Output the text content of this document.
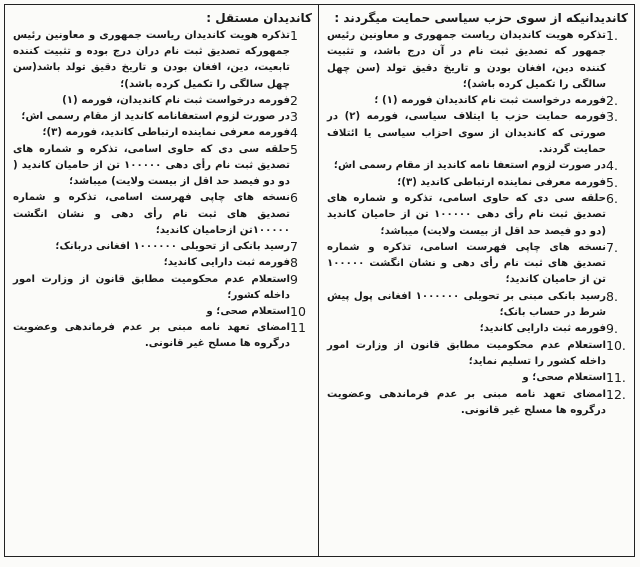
کاندیدان مستقل :
1
تذکره هویت کاندیدان ریاست جمهوری و معاونین رئیس جمهورکه تصدیق ثبت نام دران درج بوده و تثبیت کننده تابعیت، دین، افغان بودن و تاریخ دقیق تولد باشد(سن چهل سالگی را تکمیل کرده باشد)؛
2
فورمه درخواست ثبت نام کاندیدان، فورمه (۱)
3
در صورت لزوم استعفانامه کاندید از مقام رسمی اش؛
4
فورمه معرفی نماینده ارتباطی کاندید، فورمه (۳)؛
5
حلقه سی دی که حاوی اسامی، تذکره و شماره های تصدیق ثبت نام رأی دهی ۱۰۰۰۰۰ تن از حامیان کاندید ( دو دو فیصد حد اقل از بیست ولایت) میباشد؛
6
نسخه های چاپی فهرست اسامی، تذکره و شماره تصدیق های ثبت نام رأی دهی و نشان انگشت ۱۰۰۰۰۰تن ازحامیان کاندید؛
7
رسید بانکی از تحویلی ۱۰۰۰۰۰۰ افغانی دربانک؛
8
فورمه ثبت دارایی کاندید؛
9
استعلام عدم محکومیت مطابق قانون از وزارت امور داخله کشور؛
10
استعلام صحی؛ و
11
امضای تعهد نامه مبنی بر عدم فرماندهی وعضویت درگروه ها مسلح غیر قانونی.
کاندیدانیکه از سوی حزب سیاسی حمایت میگردند :
1.
تذکره هویت کاندیدان ریاست جمهوری و معاونین رئیس جمهور که تصدیق ثبت نام در آن درج باشد، و تثبیت کننده دین، افغان بودن و تاریخ دقیق تولد (سن چهل سالگی را تکمیل کرده باشد)؛
2.
فورمه درخواست ثبت نام کاندیدان فورمه (۱) ؛
3.
فورمه حمایت حزب یا ایتلاف سیاسی، فورمه (۲) در صورتی که کاندیدان از سوی احزاب سیاسی یا ائتلاف حمایت گردند.
4.
در صورت لزوم استعفا نامه کاندید از مقام رسمی اش؛
5.
فورمه معرفی نماینده ارتباطی کاندید (۳)؛
6.
حلقه سی دی که حاوی اسامی، تذکره و شماره های تصدیق ثبت نام رأی دهی ۱۰۰۰۰۰ تن از حامیان کاندید (دو دو فیصد حد اقل از بیست ولایت) میباشد؛
7.
نسخه های چاپی فهرست اسامی، تذکره و شماره تصدیق های ثبت نام رأی دهی و نشان انگشت ۱۰۰۰۰۰ تن از حامیان کاندید؛
8.
رسید بانکی مبنی بر تحویلی ۱۰۰۰۰۰۰ افغانی پول پیش شرط در حساب بانک؛
9.
فورمه ثبت دارایی کاندید؛
10.
استعلام عدم محکومیت مطابق قانون از وزارت امور داخله کشور را تسلیم نماید؛
11.
استعلام صحی؛ و
12.
امضای تعهد نامه مبنی بر عدم فرماندهی وعضویت درگروه ها مسلح غیر قانونی.
